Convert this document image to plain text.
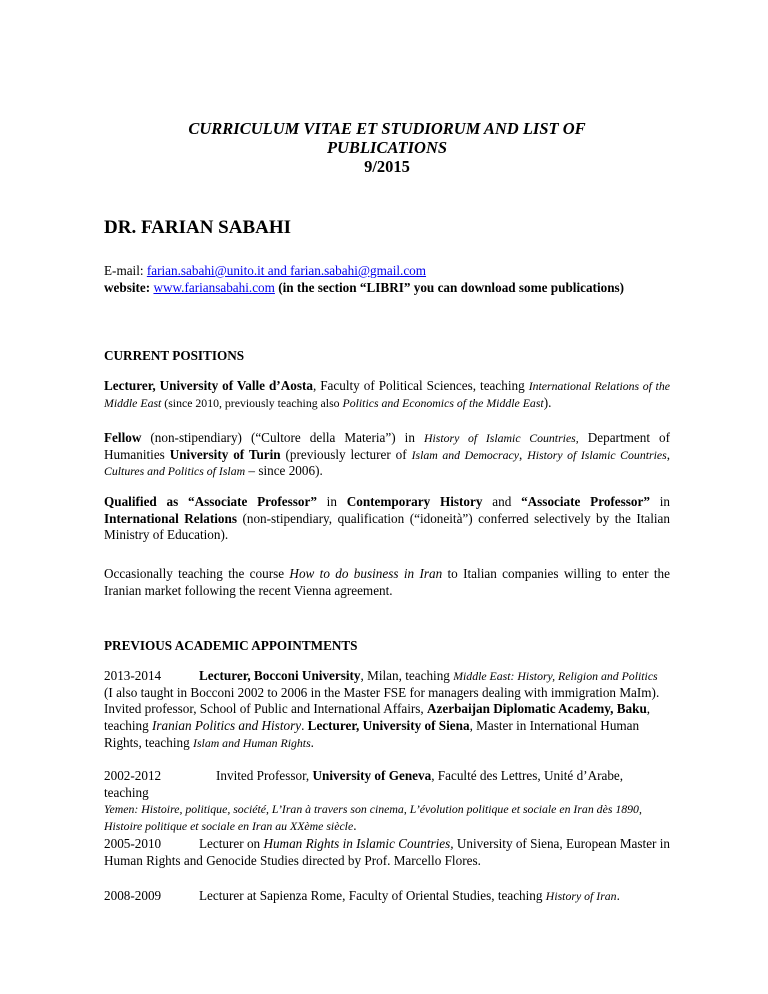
CURRICULUM VITAE ET STUDIORUM AND LIST OF
PUBLICATIONS
9/2015
DR. FARIAN SABAHI
E-mail: farian.sabahi@unito.it and farian.sabahi@gmail.com
website: www.fariansabahi.com (in the section “LIBRI” you can download some publications)
CURRENT POSITIONS
Lecturer, University of Valle d’Aosta, Faculty of Political Sciences, teaching International Relations of the Middle East (since 2010, previously teaching also Politics and Economics of the Middle East).
Fellow (non-stipendiary) (“Cultore della Materia”) in History of Islamic Countries, Department of Humanities University of Turin (previously lecturer of Islam and Democracy, History of Islamic Countries, Cultures and Politics of Islam – since 2006).
Qualified as “Associate Professor” in Contemporary History and “Associate Professor” in International Relations (non-stipendiary, qualification (“idoneità”) conferred selectively by the Italian Ministry of Education).
Occasionally teaching the course How to do business in Iran to Italian companies willing to enter the Iranian market following the recent Vienna agreement.
PREVIOUS ACADEMIC APPOINTMENTS
2013-2014	Lecturer, Bocconi University, Milan, teaching Middle East: History, Religion and Politics
(I also taught in Bocconi 2002 to 2006 in the Master FSE for managers dealing with immigration MaIm). Invited professor, School of Public and International Affairs, Azerbaijan Diplomatic Academy, Baku, teaching Iranian Politics and History. Lecturer, University of Siena, Master in International Human Rights, teaching Islam and Human Rights.
2002-2012	Invited Professor, University of Geneva, Faculté des Lettres, Unité d’Arabe, teaching
Yemen: Histoire, politique, société, L’Iran à travers son cinema, L’évolution politique et sociale en Iran dès 1890, Histoire politique et sociale en Iran au XXème siècle.
2005-2010	Lecturer on Human Rights in Islamic Countries, University of Siena, European Master in Human Rights and Genocide Studies directed by Prof. Marcello Flores.
2008-2009	Lecturer at Sapienza Rome, Faculty of Oriental Studies, teaching History of Iran.
